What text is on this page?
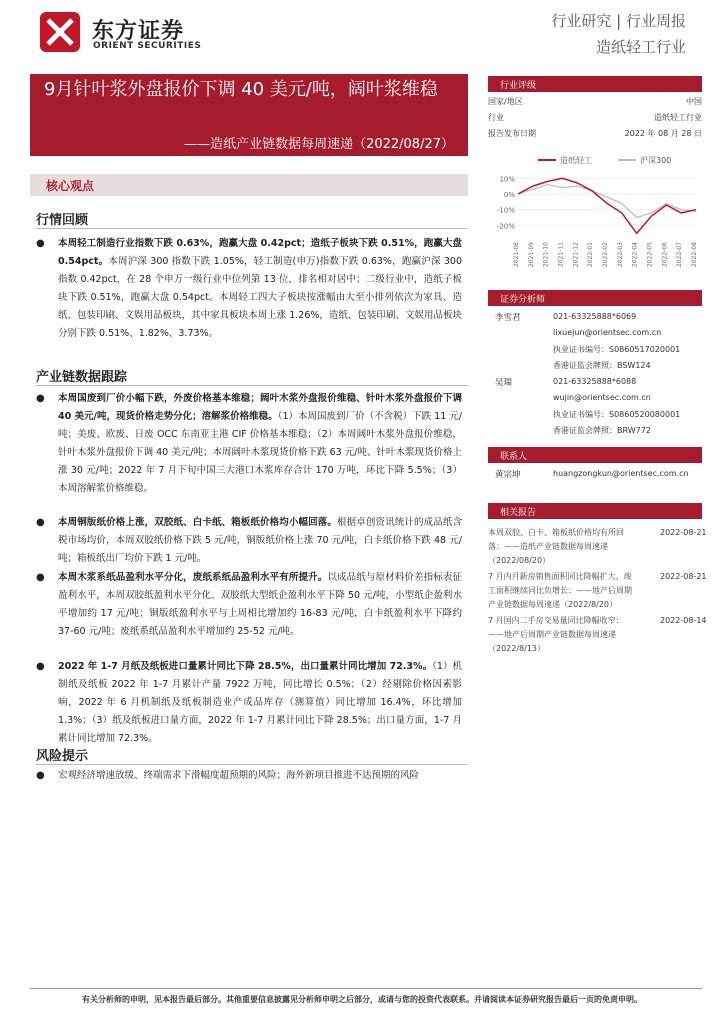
东方证券
ORIENT SECURITIES
行业研究 | 行业周报
造纸轻工行业
9月针叶浆外盘报价下调 40 美元/吨，阔叶浆维稳
——造纸产业链数据每周速递（2022/08/27）
核心观点
行情回顾
● 本周轻工制造行业指数下跌 0.63%，跑赢大盘 0.42pct；造纸子板块下跌 0.51%，跑赢大盘 0.54pct。本周沪深 300 指数下跌 1.05%，轻工制造(申万)指数下跌 0.63%，跑赢沪深 300 指数 0.42pct，在 28 个申万一级行业中位列第 13 位，排名相对居中；二级行业中，造纸子板块下跌 0.51%，跑赢大盘 0.54pct。本周轻工四大子板块按涨幅由大至小排列依次为家具、造纸、包装印刷、文娱用品板块，其中家具板块本周上涨 1.26%，造纸、包装印刷、文娱用品板块分别下跌 0.51%、1.82%、3.73%。
产业链数据跟踪
● 本周国废到厂价小幅下跌，外废价格基本维稳；阔叶木浆外盘报价维稳、针叶木浆外盘报价下调 40 美元/吨，现货价格走势分化；溶解浆价格维稳。（1）本周国废到厂价（不含税）下跌 11 元/吨；美废、欧废、日废 OCC 东南亚主港 CIF 价格基本维稳；（2）本周阔叶木浆外盘报价维稳，针叶木浆外盘报价下调 40 美元/吨；本周阔叶木浆现货价格下跌 63 元/吨、针叶木浆现货价格上涨 30 元/吨；2022 年 7 月下旬中国三大港口木浆库存合计 170 万吨，环比下降 5.5%；（3）本周溶解浆价格维稳。
● 本周铜版纸价格上涨，双胶纸、白卡纸、箱板纸价格均小幅回落。根据卓创资讯统计的成品纸含税市场均价，本周双胶纸价格下跌 5 元/吨，铜版纸价格上涨 70 元/吨，白卡纸价格下跌 48 元/吨；箱板纸出厂均价下跌 1 元/吨。
● 本周木浆系纸品盈利水平分化，废纸系纸品盈利水平有所提升。以成品纸与原材料价差指标表征盈利水平，本周双胶纸盈利水平分化、双胶纸大型纸企盈利水平下降 50 元/吨，小型纸企盈利水平增加约 17 元/吨；铜版纸盈利水平与上周相比增加约 16-83 元/吨，白卡纸盈利水平下降约 37-60 元/吨；废纸系纸品盈利水平增加约 25-52 元/吨。
● 2022 年 1-7 月纸及纸板进口量累计同比下降 28.5%，出口量累计同比增加 72.3%。（1）机制纸及纸板 2022 年 1-7 月累计产量 7922 万吨，同比增长 0.5%；（2）经剔除价格因素影响，2022 年 6 月机制纸及纸板制造业产成品库存（测算值）同比增加 16.4%，环比增加 1.3%；（3）纸及纸板进口量方面，2022 年 1-7 月累计同比下降 28.5%；出口量方面，1-7 月累计同比增加 72.3%。
风险提示
● 宏观经济增速放缓、终端需求下滑幅度超预期的风险；海外新项目推进不达预期的风险
行业评级	看好（维持）
国家/地区	中国
行业	造纸轻工行业
报告发布日期	2022 年 08 月 28 日
造纸轻工	沪深300
10%
0%
-10%
-20%
2021-08 2021-09 2021-10 2021-11 2021-12 2022-01 2022-02 2022-03 2022-04 2022-05 2022-06 2022-07 2022-08
证券分析师
李雪君	021-63325888*6069
lixuejun@orientsec.com.cn
执业证书编号：S0860517020001
香港证监会牌照：BSW124
吴瑞	021-63325888*6088
wujin@orientsec.com.cn
执业证书编号：S0860520080001
香港证监会牌照：BRW772
联系人
黄宗坤	huangzongkun@orientsec.com.cn
相关报告
本周双胶、白卡、箱板纸价格均有所回落：——造纸产业链数据每周速递（2022/08/20）
2022-08-21
7 月内月新房销售面积同比降幅扩大、竣工面积继续同比负增长：——地产后周期产业链数据每周速递（2022/8/20）
2022-08-21
7 月国内二手房交易量同比降幅收窄：——地产后周期产业链数据每周速递（2022/8/13）
2022-08-14
有关分析师的申明，见本报告最后部分。其他重要信息披露见分析师申明之后部分，或请与您的投资代表联系。并请阅读本证券研究报告最后一页的免责申明。
